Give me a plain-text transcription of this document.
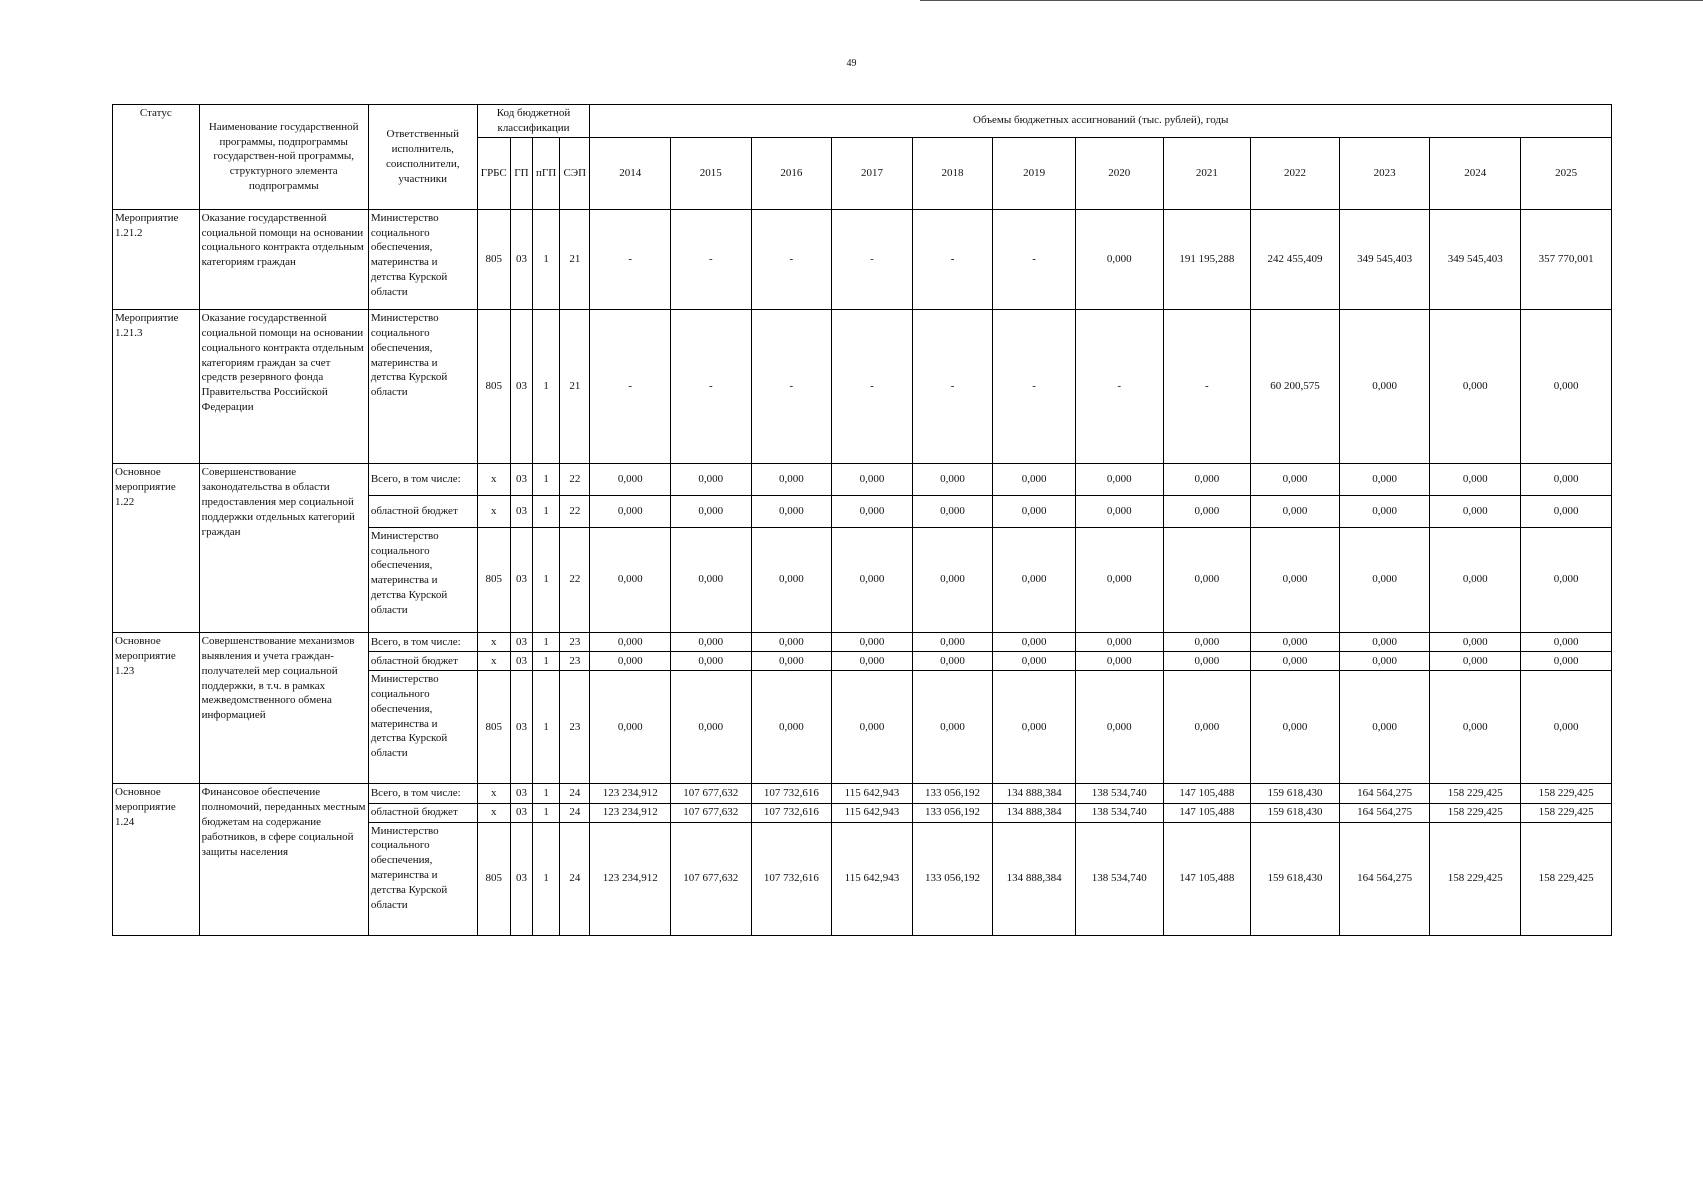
49
Статус	Наименование государственной программы, подпрограммы государствен-ной программы, структурного элемента подпрограммы	Ответственный исполнитель, соисполнители, участники	Код бюджетной классификации				Объемы бюджетных ассигнований (тыс. рублей), годы											
			ГРБС	ГП	пГП	СЭП	2014	2015	2016	2017	2018	2019	2020	2021	2022	2023	2024	2025
Мероприятие 1.21.2	Оказание государственной социальной помощи на основании социального контракта отдельным категориям граждан	Министерство социального обеспечения, материнства и детства Курской области	805	03	1	21	-	-	-	-	-	-	0,000	191 195,288	242 455,409	349 545,403	349 545,403	357 770,001
Мероприятие 1.21.3	Оказание государственной социальной помощи на основании социального контракта отдельным категориям граждан за счет средств резервного фонда Правительства Российской Федерации	Министерство социального обеспечения, материнства и детства Курской области	805	03	1	21	-	-	-	-	-	-	-	-	60 200,575	0,000	0,000	0,000
Основное мероприятие 1.22	Совершенствование законодательства в области предоставления мер социальной поддержки отдельных категорий граждан	Всего, в том числе:	x	03	1	22	0,000	0,000	0,000	0,000	0,000	0,000	0,000	0,000	0,000	0,000	0,000	0,000
		областной бюджет	x	03	1	22	0,000	0,000	0,000	0,000	0,000	0,000	0,000	0,000	0,000	0,000	0,000	0,000
		Министерство социального обеспечения, материнства и детства Курской области	805	03	1	22	0,000	0,000	0,000	0,000	0,000	0,000	0,000	0,000	0,000	0,000	0,000	0,000
Основное мероприятие 1.23	Совершенствование механизмов выявления и учета граждан-получателей мер социальной поддержки, в т.ч. в рамках межведомственного обмена информацией	Всего, в том числе:	x	03	1	23	0,000	0,000	0,000	0,000	0,000	0,000	0,000	0,000	0,000	0,000	0,000	0,000
		областной бюджет	x	03	1	23	0,000	0,000	0,000	0,000	0,000	0,000	0,000	0,000	0,000	0,000	0,000	0,000
		Министерство социального обеспечения, материнства и детства Курской области	805	03	1	23	0,000	0,000	0,000	0,000	0,000	0,000	0,000	0,000	0,000	0,000	0,000	0,000
Основное мероприятие 1.24	Финансовое обеспечение полномочий, переданных местным бюджетам на содержание работников, в сфере социальной защиты населения	Всего, в том числе:	x	03	1	24	123 234,912	107 677,632	107 732,616	115 642,943	133 056,192	134 888,384	138 534,740	147 105,488	159 618,430	164 564,275	158 229,425	158 229,425
		областной бюджет	x	03	1	24	123 234,912	107 677,632	107 732,616	115 642,943	133 056,192	134 888,384	138 534,740	147 105,488	159 618,430	164 564,275	158 229,425	158 229,425
		Министерство социального обеспечения, материнства и детства Курской области	805	03	1	24	123 234,912	107 677,632	107 732,616	115 642,943	133 056,192	134 888,384	138 534,740	147 105,488	159 618,430	164 564,275	158 229,425	158 229,425
